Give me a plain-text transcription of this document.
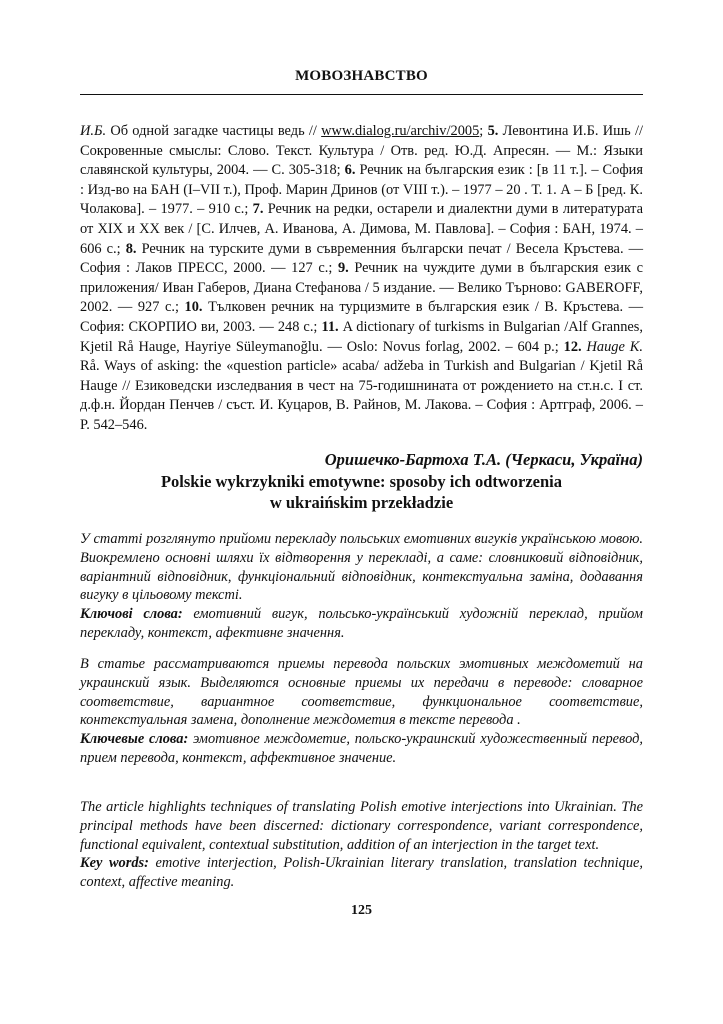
МОВОЗНАВСТВО
И.Б. Об одной загадке частицы ведь // www.dialog.ru/archiv/2005; 5. Левонтина И.Б. Ишь // Сокровенные смыслы: Слово. Текст. Культура / Отв. ред. Ю.Д. Апресян. ― М.: Языки славянской культуры, 2004. ― С. 305-318; 6. Речник на българския език : [в 11 т.]. – София : Изд-во на БАН (I–VII т.), Проф. Марин Дринов (от VIII т.). – 1977 – 20 . Т. 1. А – Б [ред. К. Чолакова]. – 1977. – 910 с.; 7. Речник на редки, остарели и диалектни думи в литературата от XIX и XX век / [С. Илчев, А. Иванова, А. Димова, М. Павлова]. – София : БАН, 1974. – 606 с.; 8. Речник на турските думи в съвременния български печат / Весела Кръстева. ― София : Лаков ПРЕСС, 2000. ― 127 с.; 9. Речник на чуждите думи в българския език с приложения/ Иван Габеров, Диана Стефанова / 5 издание. ― Велико Търново: GABEROFF, 2002. ― 927 с.; 10. Тълковен речник на турцизмите в българския език / В. Кръстева. ― София: СКОРПИО ви, 2003. ― 248 с.; 11. A dictionary of turkisms in Bulgarian /Alf Grannes, Kjetil Rå Hauge, Hayriye Süleymanoğlu. ― Oslo: Novus forlag, 2002. – 604 р.; 12. Hauge K. Rå. Ways of asking: the «question particle» acaba/ adžeba in Turkish and Bulgarian / Kjetil Rå Hauge // Езиковедски изследвания в чест на 75-годишнината от рождението на ст.н.с. I ст. д.ф.н. Йордан Пенчев / съст. И. Куцаров, В. Райнов, М. Лакова. – София : Артграф, 2006. – Р. 542–546.
Оришечко-Бартоха Т.А. (Черкаси, Україна)
Polskie wykrzykniki emotywne: sposoby ich odtworzenia
w ukraińskim przekładzie
У статті розглянуто прийоми перекладу польських емотивних вигуків українською мовою. Виокремлено основні шляхи їх відтворення у перекладі, а саме: словниковий відповідник, варіантний відповідник, функціональний відповідник, контекстуальна заміна, додавання вигуку в цільовому тексті.
Ключові слова: емотивний вигук, польсько-український художній переклад, прийом перекладу, контекст, афективне значення.
В статье рассматриваются приемы перевода польских эмотивных междометий на украинский язык. Выделяются основные приемы их передачи в переводе: словарное соответствие, вариантное соответствие, функциональное соответствие, контекстуальная замена, дополнение междометия в тексте перевода .
Ключевые слова: эмотивное междометие, польско-украинский художественный перевод, прием перевода, контекст, аффективное значение.
The article highlights techniques of translating Polish emotive interjections into Ukrainian. The principal methods have been discerned: dictionary correspondence, variant correspondence, functional equivalent, contextual substitution, addition of an interjection in the target text.
Key words: emotive interjection, Polish-Ukrainian literary translation, translation technique, context, affective meaning.
125
